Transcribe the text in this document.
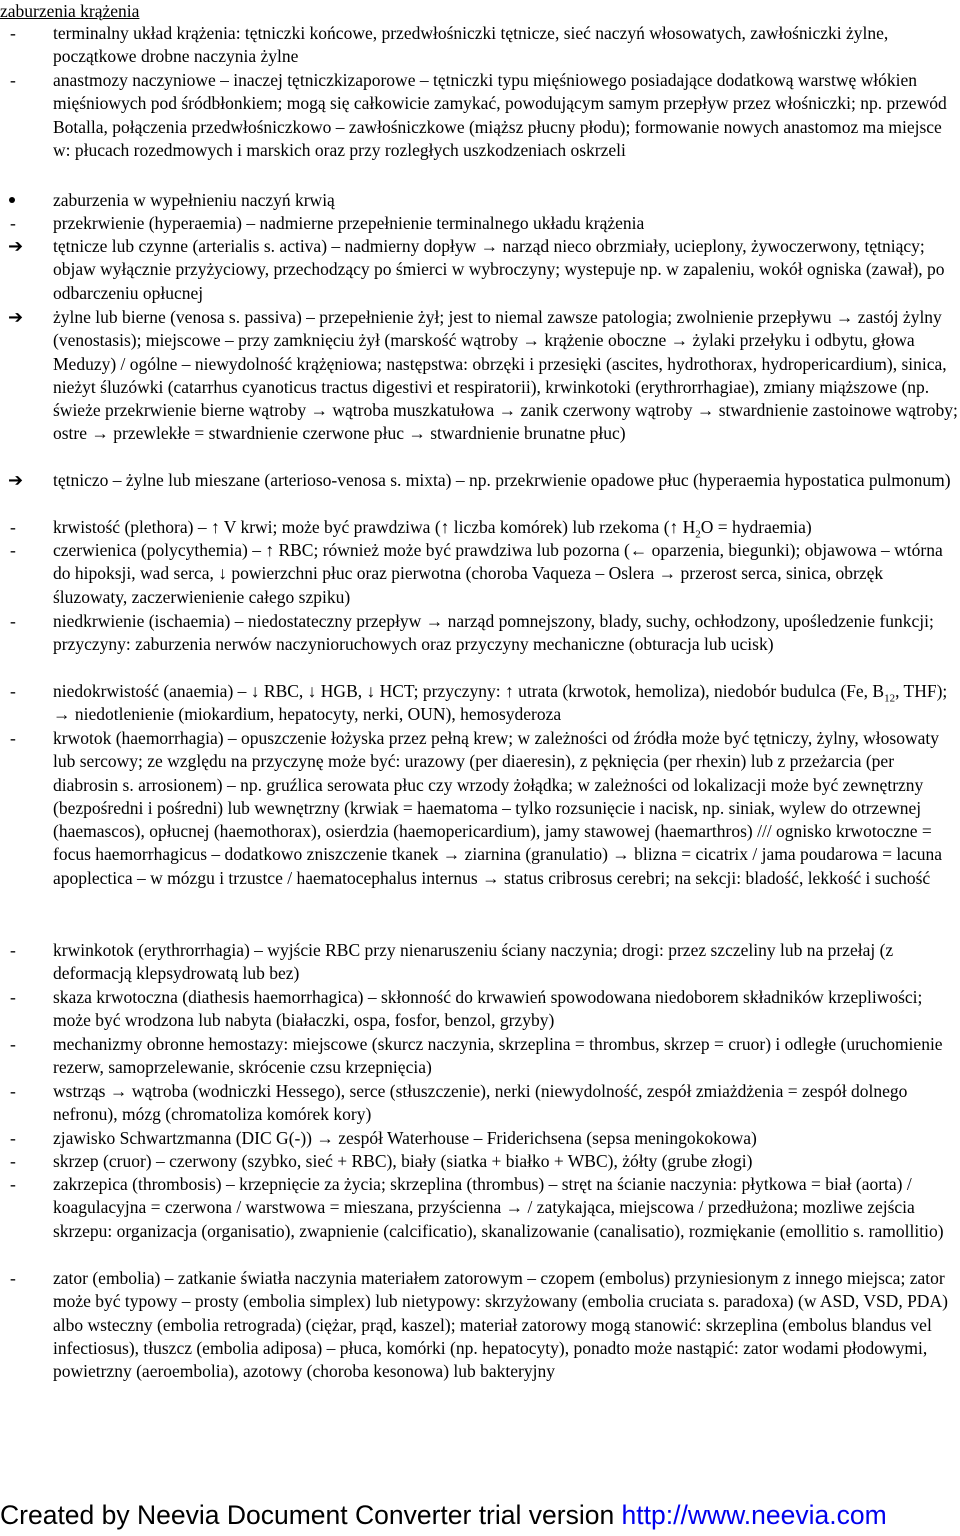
zaburzenia krążenia
-	terminalny układ krążenia: tętniczki końcowe, przedwłośniczki tętnicze, sieć naczyń włosowatych, zawłośniczki żylne, początkowe drobne naczynia żylne
-	anastmozy naczyniowe – inaczej tętniczkizaporowe – tętniczki typu mięśniowego posiadające dodatkową warstwę włókien mięśniowych pod śródbłonkiem; mogą się całkowicie zamykać, powodującym samym przepływ przez włośniczki; np. przewód Botalla, połączenia przedwłośniczkowo – zawłośniczkowe (miąższ płucny płodu); formowanie nowych anastomoz ma miejsce w: płucach rozedmowych i marskich oraz przy rozległych uszkodzeniach oskrzeli
zaburzenia w wypełnieniu naczyń krwią
-	przekrwienie (hyperaemia) – nadmierne przepełnienie terminalnego układu krążenia
➔	tętnicze lub czynne (arterialis s. activa) – nadmierny dopływ → narząd nieco obrzmiały, ucieplony, żywoczerwony, tętniący; objaw wyłącznie przyżyciowy, przechodzący po śmierci w wybroczyny; wystepuje np. w zapaleniu, wokół ogniska (zawał), po odbarczeniu opłucnej
➔	żylne lub bierne (venosa s. passiva) – przepełnienie żył; jest to niemal zawsze patologia; zwolnienie przepływu → zastój żylny (venostasis); miejscowe – przy zamknięciu żył (marskość wątroby → krążenie oboczne → żylaki przełyku i odbytu, głowa Meduzy) / ogólne – niewydolność krążęniowa; następstwa: obrzęki i przesięki (ascites, hydrothorax, hydropericardium), sinica, nieżyt śluzówki (catarrhus cyanoticus tractus digestivi et respiratorii), krwinkotoki (erythrorrhagiae), zmiany miąższowe (np. świeże przekrwienie bierne wątroby → wątroba muszkatułowa → zanik czerwony wątroby → stwardnienie zastoinowe wątroby; ostre → przewlekłe = stwardnienie czerwone płuc → stwardnienie brunatne płuc)
➔	tętniczo – żylne lub mieszane (arterioso-venosa s. mixta) – np. przekrwienie opadowe płuc (hyperaemia hypostatica pulmonum)
-	krwistość (plethora) – ↑ V krwi; może być prawdziwa (↑ liczba komórek) lub rzekoma (↑ $H_2O$ = hydraemia)
-	czerwienica (polycythemia) – ↑ RBC; również może być prawdziwa lub pozorna (← oparzenia, biegunki); objawowa – wtórna do hipoksji, wad serca, ↓ powierzchni płuc oraz pierwotna (choroba Vaqueza – Oslera → przerost serca, sinica, obrzęk śluzowaty, zaczerwienienie całego szpiku)
-	niedkrwienie (ischaemia) – niedostateczny przepływ → narząd pomnejszony, blady, suchy, ochłodzony, upośledzenie funkcji; przyczyny: zaburzenia nerwów naczynioruchowych oraz przyczyny mechaniczne (obturacja lub ucisk)
-	niedokrwistość (anaemia) – ↓ RBC, ↓ HGB, ↓ HCT; przyczyny: ↑ utrata (krwotok, hemoliza), niedobór budulca (Fe, $B_{12}$, THF); → niedotlenienie (miokardium, hepatocyty, nerki, OUN), hemosyderoza
-	krwotok (haemorrhagia) – opuszczenie łożyska przez pełną krew; w zależności od źródła może być tętniczy, żylny, włosowaty lub sercowy; ze względu na przyczynę może być: urazowy (per diaeresin), z pęknięcia (per rhexin) lub z przeżarcia (per diabrosin s. arrosionem) – np. gruźlica serowata płuc czy wrzody żołądka; w zależności od lokalizacji może być zewnętrzny (bezpośredni i pośredni) lub wewnętrzny (krwiak = haematoma – tylko rozsunięcie i nacisk, np. siniak, wylew do otrzewnej (haemascos), opłucnej (haemothorax), osierdzia (haemopericardium), jamy stawowej (haemarthros) /// ognisko krwotoczne = focus haemorrhagicus – dodatkowo zniszczenie tkanek → ziarnina (granulatio) → blizna = cicatrix / jama poudarowa = lacuna apoplectica – w mózgu i trzustce / haematocephalus internus → status cribrosus cerebri; na sekcji: bladość, lekkość i suchość
-	krwinkotok (erythrorrhagia) – wyjście RBC przy nienaruszeniu ściany naczynia; drogi: przez szczeliny lub na przełaj (z deformacją klepsydrowatą lub bez)
-	skaza krwotoczna (diathesis haemorrhagica) – skłonność do krwawień spowodowana niedoborem składników krzepliwości; może być wrodzona lub nabyta (białaczki, ospa, fosfor, benzol, grzyby)
-	mechanizmy obronne hemostazy: miejscowe (skurcz naczynia, skrzeplina = thrombus, skrzep = cruor) i odległe (uruchomienie rezerw, samoprzelewanie, skrócenie czsu krzepnięcia)
-	wstrząs → wątroba (wodniczki Hessego), serce (stłuszczenie), nerki (niewydolność, zespół zmiażdżenia = zespół dolnego nefronu), mózg (chromatoliza komórek kory)
-	zjawisko Schwartzmanna (DIC G(-)) → zespół Waterhouse – Friderichsena (sepsa meningokokowa)
-	skrzep (cruor) – czerwony (szybko, sieć + RBC), biały (siatka + białko + WBC), żółty (grube złogi)
-	zakrzepica (thrombosis) – krzepnięcie za życia; skrzeplina (thrombus) – stręt na ścianie naczynia: płytkowa = biał (aorta) / koagulacyjna = czerwona / warstwowa = mieszana, przyścienna → / zatykająca, miejscowa / przedłużona; mozliwe zejścia skrzepu: organizacja (organisatio), zwapnienie (calcificatio), skanalizowanie (canalisatio), rozmiękanie (emollitio s. ramollitio)
-	zator (embolia) – zatkanie światła naczynia materiałem zatorowym – czopem (embolus) przyniesionym z innego miejsca; zator może być typowy – prosty (embolia simplex) lub nietypowy: skrzyżowany (embolia cruciata s. paradoxa) (w ASD, VSD, PDA) albo wsteczny (embolia retrograda) (ciężar, prąd, kaszel); materiał zatorowy mogą stanowić: skrzeplina (embolus blandus vel infectiosus), tłuszcz (embolia adiposa) – płuca, komórki (np. hepatocyty), ponadto może nastąpić: zator wodami płodowymi, powietrzny (aeroembolia), azotowy (choroba kesonowa) lub bakteryjny
Created by Neevia Document Converter trial version http://www.neevia.com
